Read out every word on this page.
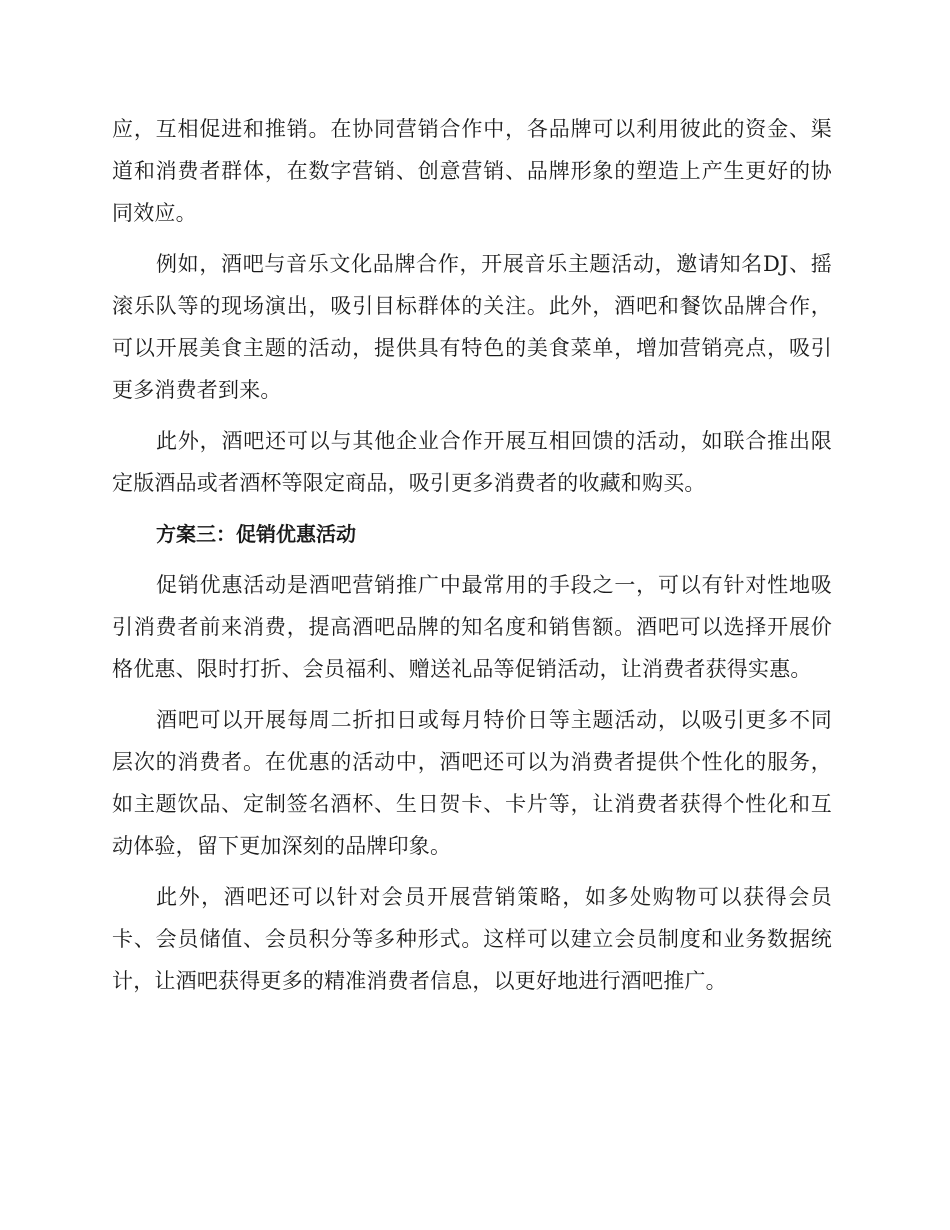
应，互相促进和推销。在协同营销合作中，各品牌可以利用彼此的资金、渠道和消费者群体，在数字营销、创意营销、品牌形象的塑造上产生更好的协同效应。

例如，酒吧与音乐文化品牌合作，开展音乐主题活动，邀请知名DJ、摇滚乐队等的现场演出，吸引目标群体的关注。此外，酒吧和餐饮品牌合作，可以开展美食主题的活动，提供具有特色的美食菜单，增加营销亮点，吸引更多消费者到来。

此外，酒吧还可以与其他企业合作开展互相回馈的活动，如联合推出限定版酒品或者酒杯等限定商品，吸引更多消费者的收藏和购买。

方案三：促销优惠活动

促销优惠活动是酒吧营销推广中最常用的手段之一，可以有针对性地吸引消费者前来消费，提高酒吧品牌的知名度和销售额。酒吧可以选择开展价格优惠、限时打折、会员福利、赠送礼品等促销活动，让消费者获得实惠。

酒吧可以开展每周二折扣日或每月特价日等主题活动，以吸引更多不同层次的消费者。在优惠的活动中，酒吧还可以为消费者提供个性化的服务，如主题饮品、定制签名酒杯、生日贺卡、卡片等，让消费者获得个性化和互动体验，留下更加深刻的品牌印象。

此外，酒吧还可以针对会员开展营销策略，如多处购物可以获得会员卡、会员储值、会员积分等多种形式。这样可以建立会员制度和业务数据统计，让酒吧获得更多的精准消费者信息，以更好地进行酒吧推广。
